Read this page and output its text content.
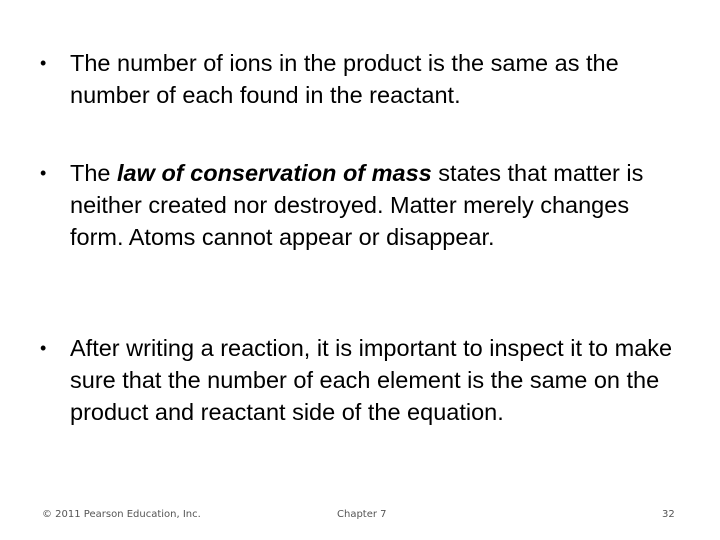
•	The number of ions in the product is the same as the number of each found in the reactant.
•	The law of conservation of mass states that matter is neither created nor destroyed. Matter merely changes form. Atoms cannot appear or disappear.
•	After writing a reaction, it is important to inspect it to make sure that the number of each element is the same on the product and reactant side of the equation.
© 2011 Pearson Education, Inc.	Chapter 7	32
